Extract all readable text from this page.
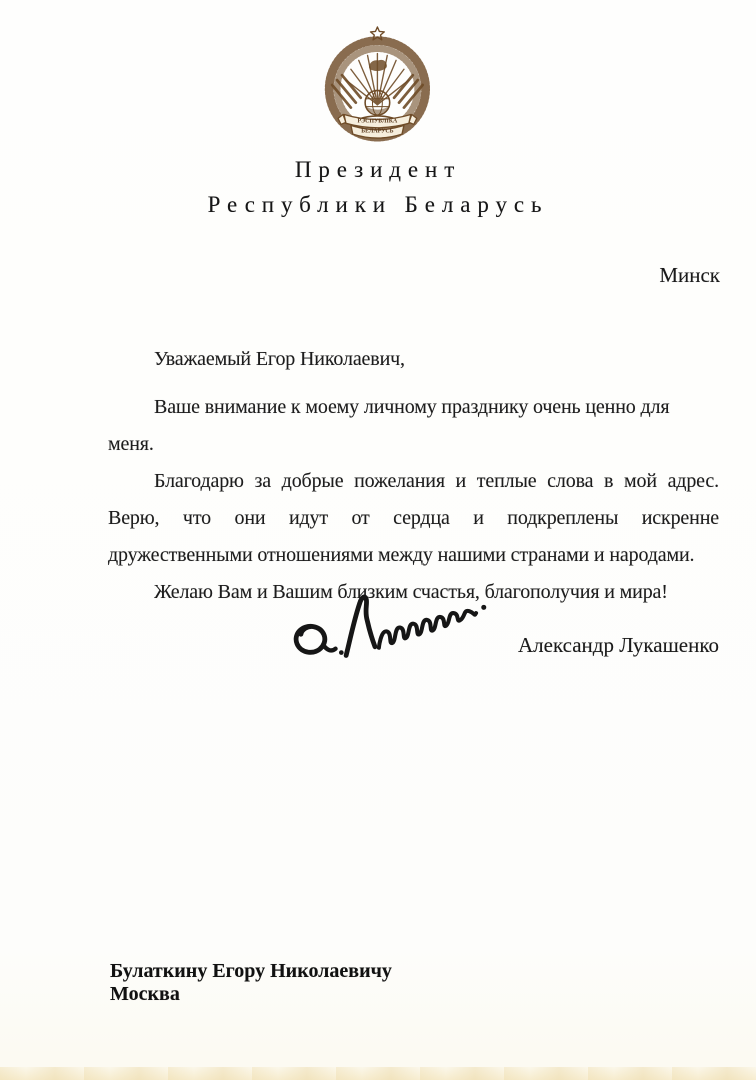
РЭСПУБЛІКА
БЕЛАРУСЬ
Президент
Республики Беларусь
Минск

Уважаемый Егор Николаевич,

Ваше внимание к моему личному празднику очень ценно для меня.

Благодарю за добрые пожелания и теплые слова в мой адрес. Верю, что они идут от сердца и подкреплены искренне дружественными отношениями между нашими странами и народами.

Желаю Вам и Вашим близким счастья, благополучия и мира!

Александр Лукашенко
Булаткину Егору Николаевичу
Москва
